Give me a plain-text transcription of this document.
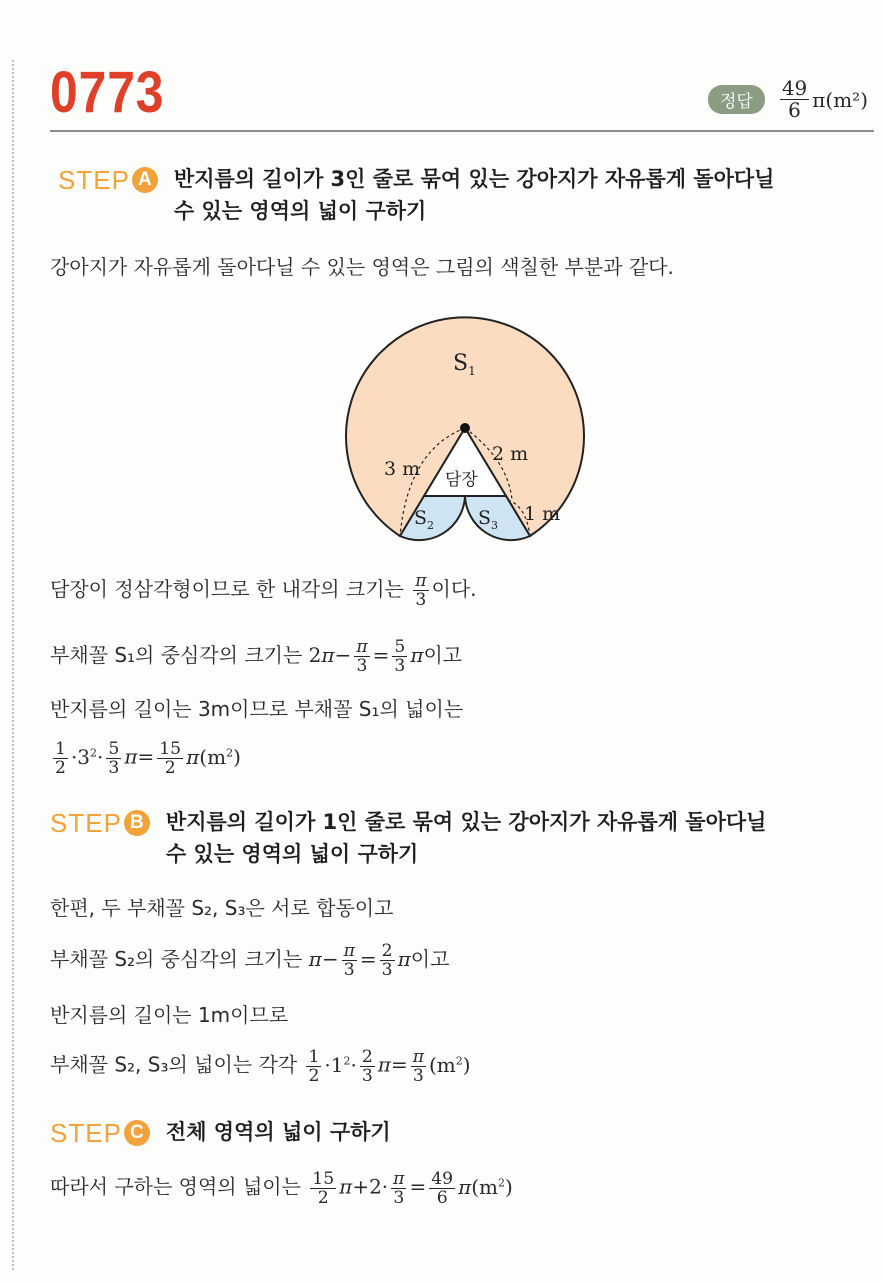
0773	정답	$\frac{49}{6} \pi(m^2)$
STEP A 반지름의 길이가 3인 줄로 묶여 있는 강아지가 자유롭게 돌아다닐
수 있는 영역의 넓이 구하기
강아지가 자유롭게 돌아다닐 수 있는 영역은 그림의 색칠한 부분과 같다.
$S_1$
$S_2$ $S_3$
담장
3 m
2 m
1 m
담장이 정삼각형이므로 한 내각의 크기는 $\frac{\pi}{3}$ 이다.
부채꼴 S₁의 중심각의 크기는 $2\pi- \frac{\pi}{3} = \frac{5}{3}$ π이고
반지름의 길이는 3m이므로 부채꼴 S₁의 넓이는
$\frac{1}{2} \cdot 3^2\cdot \frac{5}{3} \pi= \frac{15}{2} \pi(m^2)$
STEP B 반지름의 길이가 1인 줄로 묶여 있는 강아지가 자유롭게 돌아다닐
수 있는 영역의 넓이 구하기
한편, 두 부채꼴 S₂, S₃은 서로 합동이고
부채꼴 S₂의 중심각의 크기는 $\pi- \frac{\pi}{3} = \frac{2}{3}$ π이고
반지름의 길이는 1m이므로
부채꼴 S₂, S₃의 넓이는 각각 $\frac{1}{2} \cdot 1^2\cdot \frac{2}{3} \pi= \frac{\pi}{3} (m^2)$
STEP C 전체 영역의 넓이 구하기
따라서 구하는 영역의 넓이는 $\frac{15}{2} \pi+2\cdot \frac{\pi}{3} = \frac{49}{6} \pi(m^2)$
